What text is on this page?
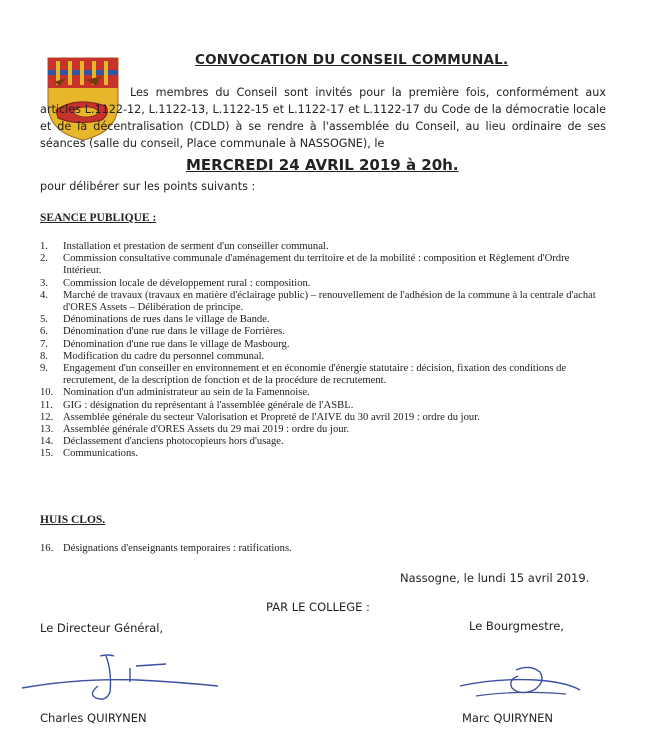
CONVOCATION DU CONSEIL COMMUNAL.
Les membres du Conseil sont invités pour la première fois, conformément aux articles L.1122-12, L.1122-13, L.1122-15 et L.1122-17 et L.1122-17 du Code de la démocratie locale et de la décentralisation (CDLD) à se rendre à l'assemblée du Conseil, au lieu ordinaire de ses séances (salle du conseil, Place communale à NASSOGNE), le
MERCREDI 24 AVRIL 2019 à 20h.
pour délibérer sur les points suivants :
SEANCE PUBLIQUE :
1.	Installation et prestation de serment d'un conseiller communal.
2.	Commission consultative communale d'aménagement du territoire et de la mobilité : composition et Règlement d'Ordre Intérieur.
3.	Commission locale de développement rural : composition.
4.	Marché de travaux (travaux en matière d'éclairage public) – renouvellement de l'adhésion de la commune à la centrale d'achat d'ORES Assets – Délibération de principe.
5.	Dénominations de rues dans le village de Bande.
6.	Dénomination d'une rue dans le village de Forrières.
7.	Dénomination d'une rue dans le village de Masbourg.
8.	Modification du cadre du personnel communal.
9.	Engagement d'un conseiller en environnement et en économie d'énergie statutaire : décision, fixation des conditions de recrutement, de la description de fonction et de la procédure de recrutement.
10. Nomination d'un administrateur au sein de la Famennoise.
11. GIG : désignation du représentant à l'assemblée générale de l'ASBL.
12. Assemblée générale du secteur Valorisation et Propreté de l'AIVE du 30 avril 2019 : ordre du jour.
13. Assemblée générale d'ORES Assets du 29 mai 2019 : ordre du jour.
14. Déclassement d'anciens photocopieurs hors d'usage.
15. Communications.
HUIS CLOS.
16. Désignations d'enseignants temporaires : ratifications.
Nassogne, le lundi 15 avril 2019.
PAR LE COLLEGE :
Le Directeur Général,	Le Bourgmestre,
Charles QUIRYNEN	Marc QUIRYNEN
